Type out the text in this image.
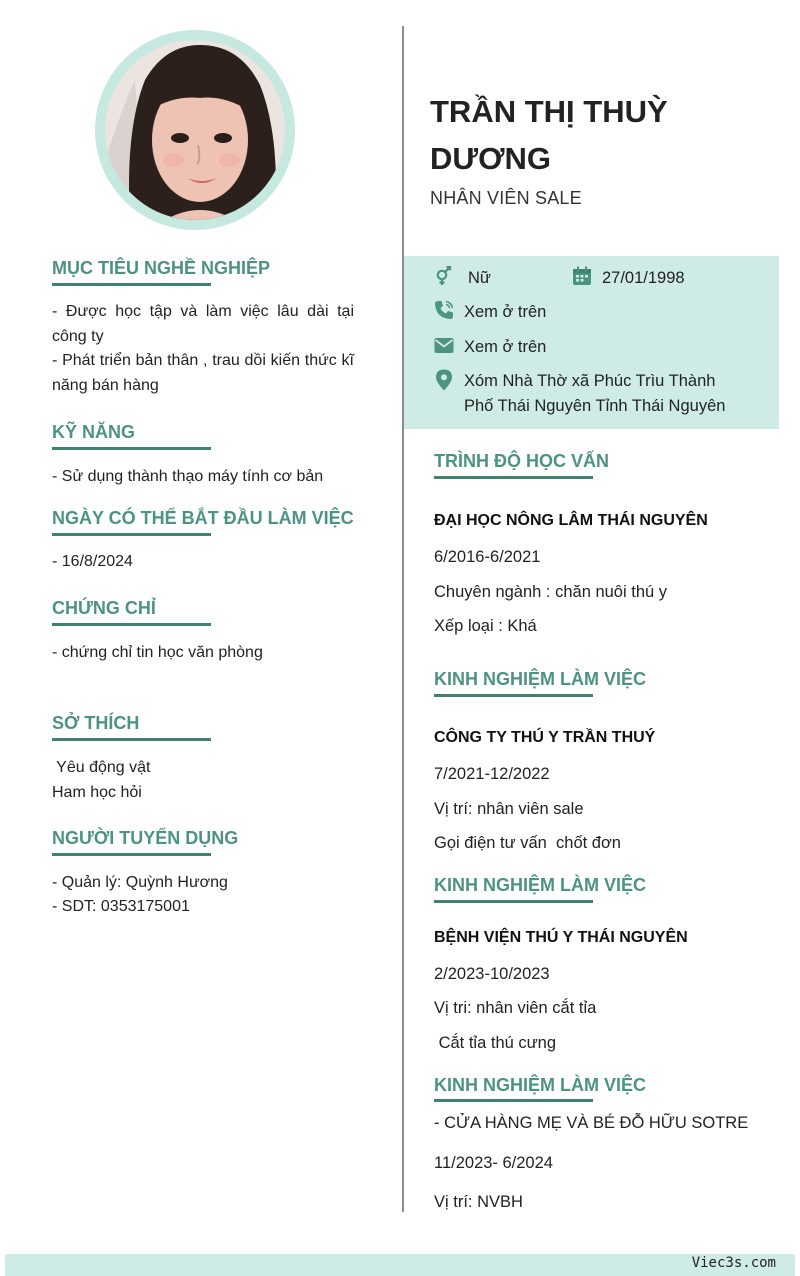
MỤC TIÊU NGHỀ NGHIỆP
- Được học tập và làm việc lâu dài tại công ty
- Phát triển bản thân , trau dồi kiến thức kĩ năng bán hàng
KỸ NĂNG
- Sử dụng thành thạo máy tính cơ bản
NGÀY CÓ THỂ BẮT ĐẦU LÀM VIỆC
- 16/8/2024
CHỨNG CHỈ
- chứng chỉ tin học văn phòng
SỞ THÍCH
Yêu động vật
Ham học hỏi
NGƯỜI TUYỂN DỤNG
- Quản lý: Quỳnh Hương
- SDT: 0353175001
TRẦN THỊ THUỲ DƯƠNG
NHÂN VIÊN SALE
Nữ	27/01/1998
Xem ở trên
Xem ở trên
Xóm Nhà Thờ xã Phúc Trìu Thành
Phố Thái Nguyên Tỉnh Thái Nguyên
TRÌNH ĐỘ HỌC VẤN
ĐẠI HỌC NÔNG LÂM THÁI NGUYÊN
6/2016-6/2021
Chuyên ngành : chăn nuôi thú y
Xếp loại : Khá
KINH NGHIỆM LÀM VIỆC
CÔNG TY THÚ Y TRẦN THUÝ
7/2021-12/2022
Vị trí: nhân viên sale
Gọi điện tư vấn  chốt đơn
KINH NGHIỆM LÀM VIỆC
BỆNH VIỆN THÚ Y THÁI NGUYÊN
2/2023-10/2023
Vị tri: nhân viên cắt tỉa
Cắt tỉa thú cưng
KINH NGHIỆM LÀM VIỆC
- CỬA HÀNG MẸ VÀ BÉ ĐỖ HỮU SOTRE
11/2023- 6/2024
Vị trí: NVBH
Viec3s.com
